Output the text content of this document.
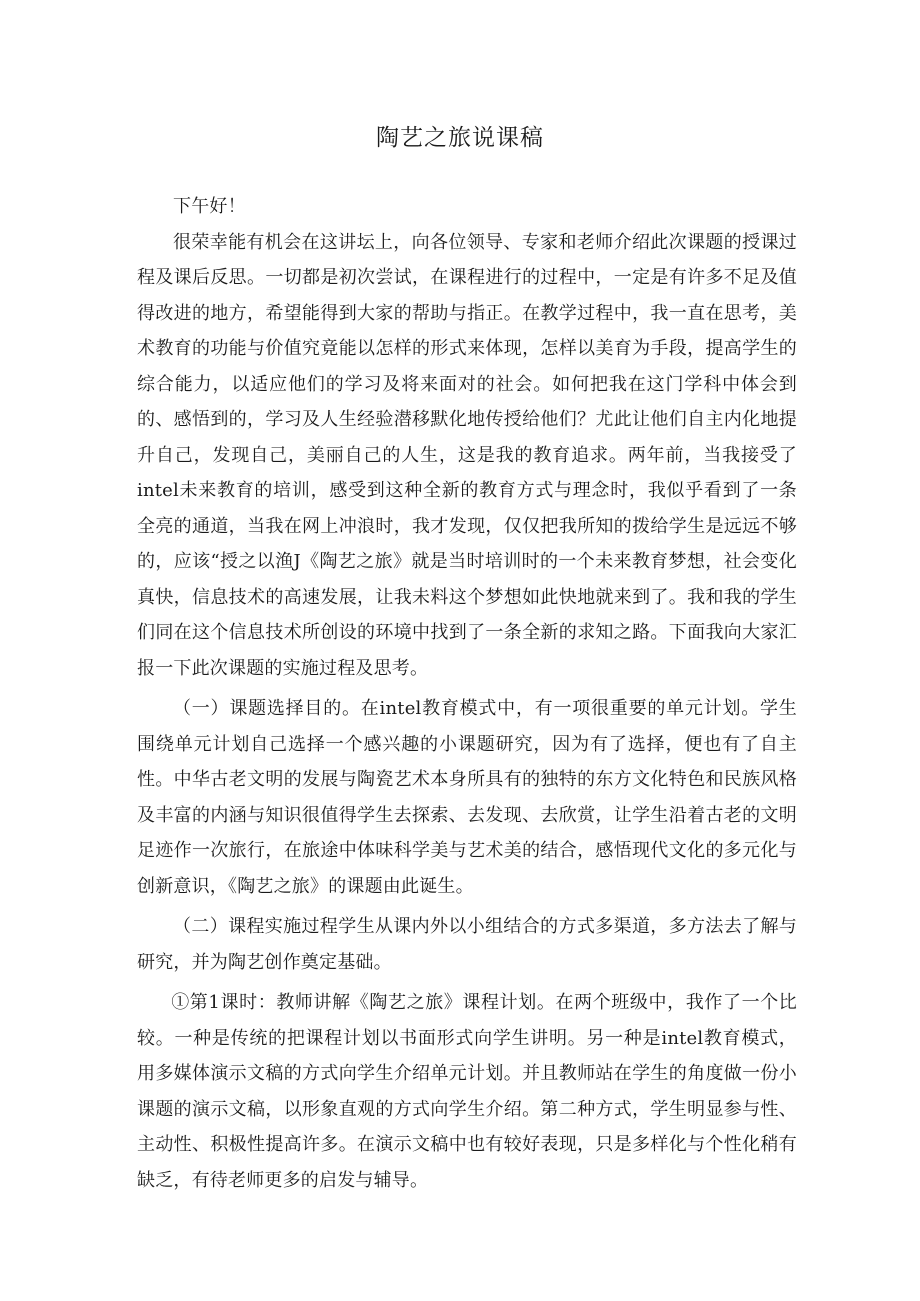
陶艺之旅说课稿

下午好！

很荣幸能有机会在这讲坛上，向各位领导、专家和老师介绍此次课题的授课过程及课后反思。一切都是初次尝试，在课程进行的过程中，一定是有许多不足及值得改进的地方，希望能得到大家的帮助与指正。在教学过程中，我一直在思考，美术教育的功能与价值究竟能以怎样的形式来体现，怎样以美育为手段，提高学生的综合能力，以适应他们的学习及将来面对的社会。如何把我在这门学科中体会到的、感悟到的，学习及人生经验潜移默化地传授给他们？尤此让他们自主内化地提升自己，发现自己，美丽自己的人生，这是我的教育追求。两年前，当我接受了intel未来教育的培训，感受到这种全新的教育方式与理念时，我似乎看到了一条全亮的通道，当我在网上冲浪时，我才发现，仅仅把我所知的拨给学生是远远不够的，应该“授之以渔J《陶艺之旅》就是当时培训时的一个未来教育梦想，社会变化真快，信息技术的高速发展，让我未料这个梦想如此快地就来到了。我和我的学生们同在这个信息技术所创设的环境中找到了一条全新的求知之路。下面我向大家汇报一下此次课题的实施过程及思考。

（一）课题选择目的。在intel教育模式中，有一项很重要的单元计划。学生围绕单元计划自己选择一个感兴趣的小课题研究，因为有了选择，便也有了自主性。中华古老文明的发展与陶瓷艺术本身所具有的独特的东方文化特色和民族风格及丰富的内涵与知识很值得学生去探索、去发现、去欣赏，让学生沿着古老的文明足迹作一次旅行，在旅途中体味科学美与艺术美的结合，感悟现代文化的多元化与创新意识，《陶艺之旅》的课题由此诞生。

（二）课程实施过程学生从课内外以小组结合的方式多渠道，多方法去了解与研究，并为陶艺创作奠定基础。

①第1课时：教师讲解《陶艺之旅》课程计划。在两个班级中，我作了一个比较。一种是传统的把课程计划以书面形式向学生讲明。另一种是intel教育模式，用多媒体演示文稿的方式向学生介绍单元计划。并且教师站在学生的角度做一份小课题的演示文稿，以形象直观的方式向学生介绍。第二种方式，学生明显参与性、主动性、积极性提高许多。在演示文稿中也有较好表现，只是多样化与个性化稍有缺乏，有待老师更多的启发与辅导。
